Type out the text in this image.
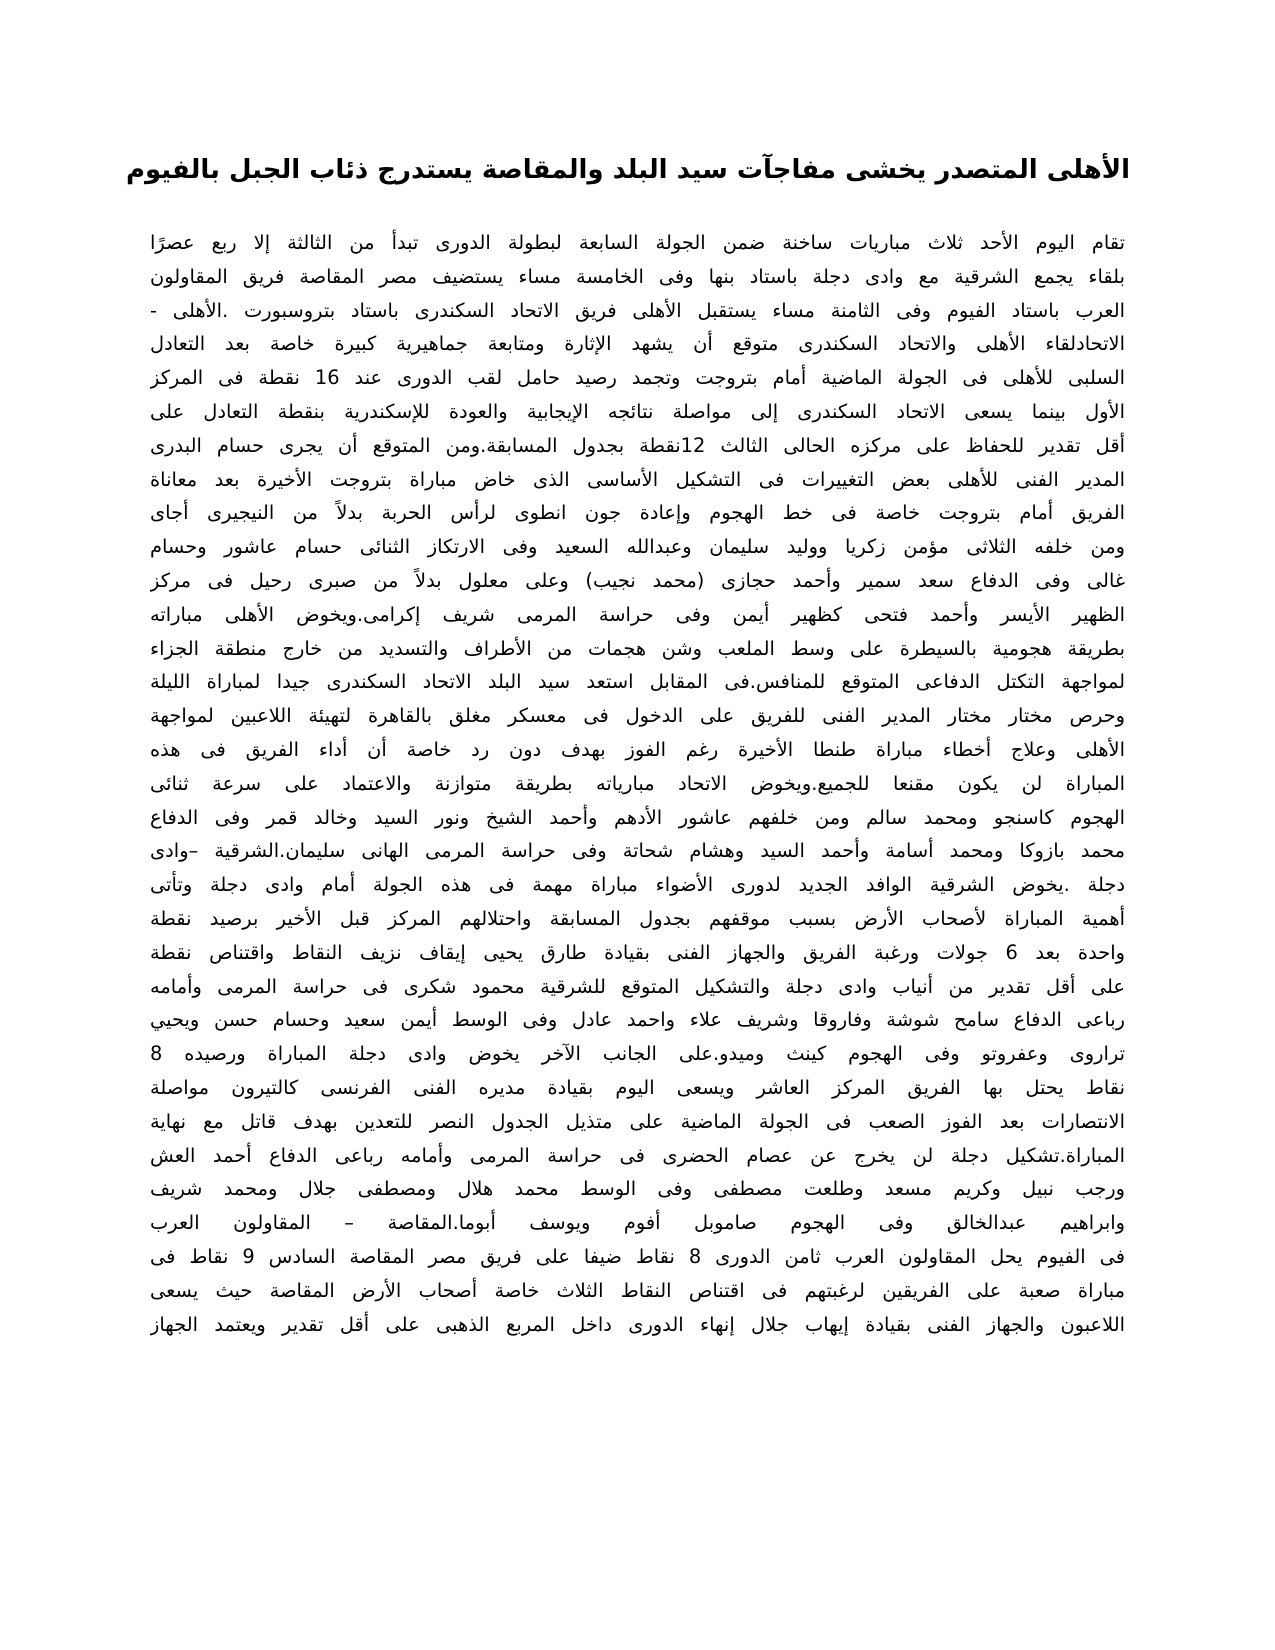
الأهلى المتصدر يخشى مفاجآت سيد البلد والمقاصة يستدرج ذئاب الجبل بالفيوم
تقام اليوم الأحد ثلاث مباريات ساخنة ضمن الجولة السابعة لبطولة الدورى تبدأ من الثالثة إلا ربع عصرًا
بلقاء يجمع الشرقية مع وادى دجلة باستاد بنها وفى الخامسة مساء يستضيف مصر المقاصة فريق المقاولون
العرب باستاد الفيوم وفى الثامنة مساء يستقبل الأهلى فريق الاتحاد السكندرى باستاد بتروسبورت .الأهلى -
الاتحادلقاء الأهلى والاتحاد السكندرى متوقع أن يشهد الإثارة ومتابعة جماهيرية كبيرة خاصة بعد التعادل
السلبى للأهلى فى الجولة الماضية أمام بتروجت وتجمد رصيد حامل لقب الدورى عند 16 نقطة فى المركز
الأول بينما يسعى الاتحاد السكندرى إلى مواصلة نتائجه الإيجابية والعودة للإسكندرية بنقطة التعادل على
أقل تقدير للحفاظ على مركزه الحالى الثالث 12نقطة بجدول المسابقة.ومن المتوقع أن يجرى حسام البدرى
المدير الفنى للأهلى بعض التغييرات فى التشكيل الأساسى الذى خاض مباراة بتروجت الأخيرة بعد معاناة
الفريق أمام بتروجت خاصة فى خط الهجوم وإعادة جون انطوى لرأس الحربة بدلاً من النيجيرى أجاى
ومن خلفه الثلاثى مؤمن زكريا ووليد سليمان وعبدالله السعيد وفى الارتكاز الثنائى حسام عاشور وحسام
غالى وفى الدفاع سعد سمير وأحمد حجازى (محمد نجيب) وعلى معلول بدلاً من صبرى رحيل فى مركز
الظهير الأيسر وأحمد فتحى كظهير أيمن وفى حراسة المرمى شريف إكرامى.ويخوض الأهلى مباراته
بطريقة هجومية بالسيطرة على وسط الملعب وشن هجمات من الأطراف والتسديد من خارج منطقة الجزاء
لمواجهة التكتل الدفاعى المتوقع للمنافس.فى المقابل استعد سيد البلد الاتحاد السكندرى جيدا لمباراة الليلة
وحرص مختار مختار المدير الفنى للفريق على الدخول فى معسكر مغلق بالقاهرة لتهيئة اللاعبين لمواجهة
الأهلى وعلاج أخطاء مباراة طنطا الأخيرة رغم الفوز بهدف دون رد خاصة أن أداء الفريق فى هذه
المباراة لن يكون مقنعا للجميع.ويخوض الاتحاد مبارياته بطريقة متوازنة والاعتماد على سرعة ثنائى
الهجوم كاسنجو ومحمد سالم ومن خلفهم عاشور الأدهم وأحمد الشيخ ونور السيد وخالد قمر وفى الدفاع
محمد بازوكا ومحمد أسامة وأحمد السيد وهشام شحاتة وفى حراسة المرمى الهانى سليمان.الشرقية –وادى
دجلة .يخوض الشرقية الوافد الجديد لدورى الأضواء مباراة مهمة فى هذه الجولة أمام وادى دجلة وتأتى
أهمية المباراة لأصحاب الأرض بسبب موقفهم بجدول المسابقة واحتلالهم المركز قبل الأخير برصيد نقطة
واحدة بعد 6 جولات ورغبة الفريق والجهاز الفنى بقيادة طارق يحيى إيقاف نزيف النقاط واقتناص نقطة
على أقل تقدير من أنياب وادى دجلة والتشكيل المتوقع للشرقية محمود شكرى فى حراسة المرمى وأمامه
رباعى الدفاع سامح شوشة وفاروقا وشريف علاء واحمد عادل وفى الوسط أيمن سعيد وحسام حسن ويحيي
تراروى وعفروتو وفى الهجوم كينث وميدو.على الجانب الآخر يخوض وادى دجلة المباراة ورصيده 8
نقاط يحتل بها الفريق المركز العاشر ويسعى اليوم بقيادة مديره الفنى الفرنسى كالتيرون مواصلة
الانتصارات بعد الفوز الصعب فى الجولة الماضية على متذيل الجدول النصر للتعدين بهدف قاتل مع نهاية
المباراة.تشكيل دجلة لن يخرج عن عصام الحضرى فى حراسة المرمى وأمامه رباعى الدفاع أحمد العش
ورجب نبيل وكريم مسعد وطلعت مصطفى وفى الوسط محمد هلال ومصطفى جلال ومحمد شريف
وابراهيم عبدالخالق وفى الهجوم صاموبل أفوم ويوسف أبوما.المقاصة – المقاولون العرب
فى الفيوم يحل المقاولون العرب ثامن الدورى 8 نقاط ضيفا على فريق مصر المقاصة السادس 9 نقاط فى
مباراة صعبة على الفريقين لرغبتهم فى اقتناص النقاط الثلاث خاصة أصحاب الأرض المقاصة حيث يسعى
اللاعبون والجهاز الفنى بقيادة إيهاب جلال إنهاء الدورى داخل المربع الذهبى على أقل تقدير ويعتمد الجهاز
